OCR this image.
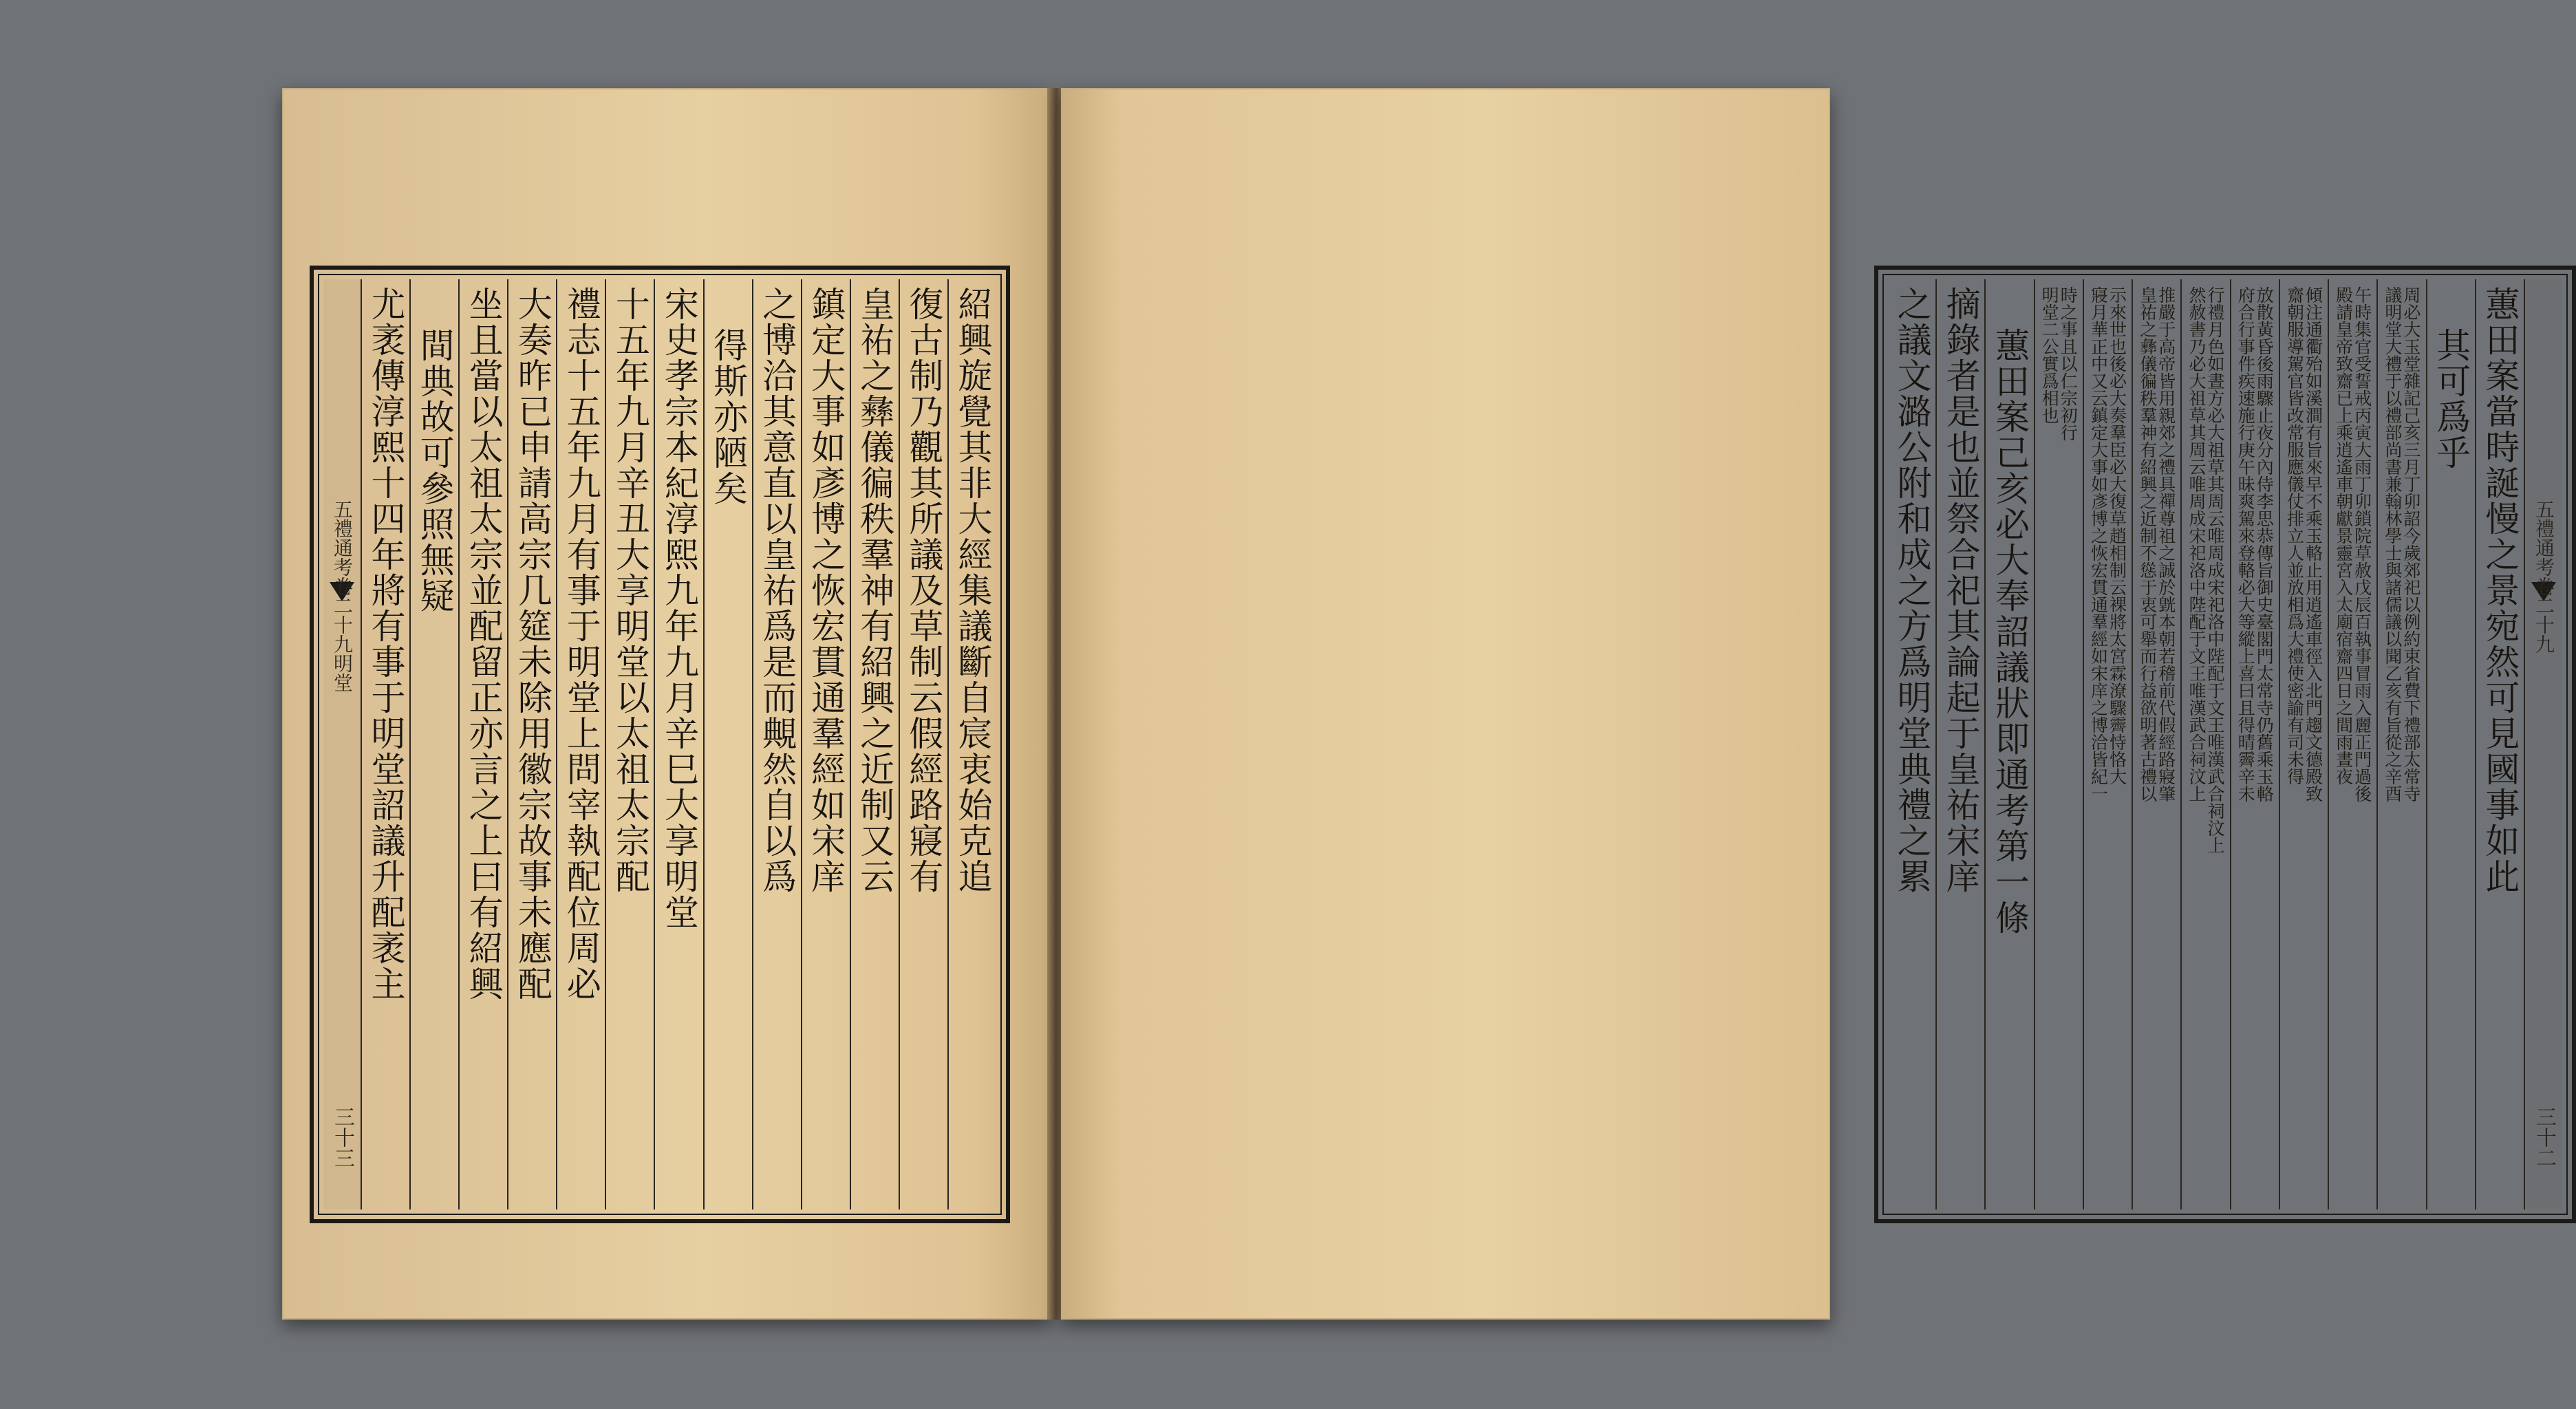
紹興旋覺其非大經集議斷自宸衷始克追
復古制乃觀其所議及草制云假經路寢有
皇祐之彝儀徧秩羣神有紹興之近制又云
鎮定大事如彥博之恢宏貫通羣經如宋庠
之博洽其意直以皇祐爲是而覥然自以爲
得斯亦陋矣
宋史孝宗本紀淳熙九年九月辛巳大享明堂
十五年九月辛丑大享明堂以太祖太宗配
禮志十五年九月有事于明堂上問宰執配位周必
大奏昨已申請高宗几筵未除用徽宗故事未應配
坐且當以太祖太宗並配留正亦言之上曰有紹興
間典故可參照無疑
尤袤傳淳熙十四年將有事于明堂詔議升配袤主
五禮通考卷二十九明堂
三十三
五禮通考卷二十九
三十二
蕙田案當時誕慢之景宛然可見國事如此
其可爲乎
周必大玉堂雜記己亥三月丁卯詔今歲郊祀以例約束省費下禮部太常寺
議明堂大禮于以禮部尚書兼翰林學士與諸儒議以聞乙亥有旨從之辛酉
午時集官受誓戒丙寅大雨丁卯鎖院草赦戊辰百執事冒雨入麗正門過後
殿請皇帝致齋已上乘逍遙車朝獻景靈宮入太廟宿齋四日之間雨晝夜
傾注通衢殆如溪澗有旨來早不乘玉輅止用逍遙車徑入北門趨文德殿致
齋朝服導駕官皆改常服應儀仗排立人並放相爲大禮使密諭有司未得
放散黃昏後雨驟止夜分內侍李思恭傳旨御史臺閣門太常寺仍舊乘玉輅
府合行事件疾速施行庚午昧爽駕來登輅必大等縱上喜曰且得晴霽辛未
行禮月色如晝方必大祖草其周云唯周成宋祀洛中陛配于文王唯漢武合祠汶上
然赦書乃必大祖草其周云唯周成宋祀洛中陛配于文王唯漢武合祠汶上
推嚴于高帝皆用親郊之禮具禪尊祖之誠於皝本朝若稽前代假經路寢肇
皇祐之彝儀徧秩羣神有紹興之近制不慫于衷可舉而行益欲明著古禮以
示來世也後必大奏羣臣必大復草趙相制云裸將太宮霖潦驟霽恃恪大
寢月華正中又云鎮定大事如彥博之恢宏貫通羣經如宋庠之博洽皆紀一
時之事且以仁宗初行
明堂二公實爲相也
蕙田案己亥必大奉詔議狀即通考第一條
摘錄者是也並祭合祀其論起于皇祐宋庠
之議文潞公附和成之方爲明堂典禮之累
